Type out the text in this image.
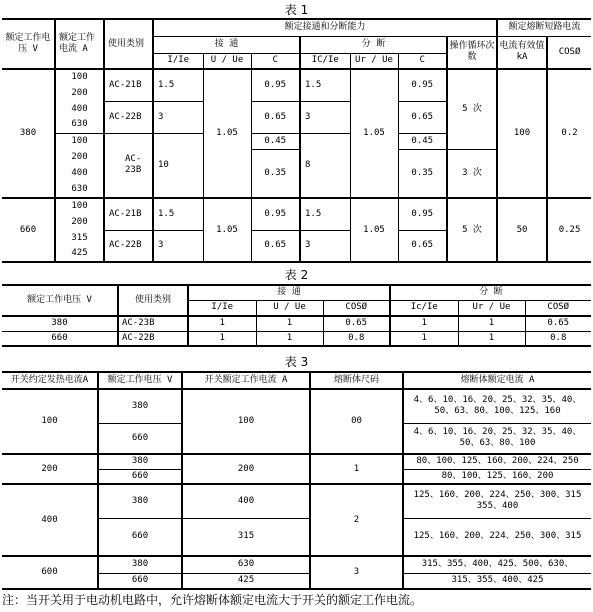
表 1
额定工作电压 V	额定工作电流 A	使用类别	额定接通和分断能力							额定熔断短路电流	
			接 通			分 断			操作循环次数	电流有效值 kA	COSØ
			I/Ie	U / Ue	C	IC/Ie	Ur / Ue	C			
380	100	AC-21B	1.5	1.05	0.95	1.5	1.05	0.95	5 次	100	0.2
	200										
	400	AC-22B	3		0.65	3		0.65			
	630										
	100	AC-23B	10		0.45	8		0.45			
	200				0.35			0.35	3 次		
	400										
	630										

660	100	AC-21B	1.5	1.05	0.95	1.5	1.05	0.95	5 次	50	0.25
	200										
	315	AC-22B	3		0.65	3		0.65			
	425										
表 2
额定工作电压 V	使用类别	接 通			分 断		
		I/Ie	U / Ue	COSØ	Ic/Ie	Ur / Ue	COSØ
380	AC-23B	1	1	0.65	1	1	0.65
660	AC-22B	1	1	0.8	1	1	0.8
表 3
开关约定发热电流A	额定工作电压 V	开关额定工作电流 A	熔断体尺码	熔断体额定电流 A
100	380	100	00	4、6、10、16、20、25、32、35、40、
50、63、80、100、125、160

	660			4、6、10、16、20、25、32、35、40、
50、63、80、100

200	380	200	1	80、100、125、160、200、224、250
	660			80、100、125、160、200
400	380	400	2	125、160、200、224、250、300、315
355、400

	660	315		125、160、200、224、250、300、315
600	380	630	3	315、355、400、425、500、630、
	660	425		315、355、400、425
注：当开关用于电动机电路中，允许熔断体额定电流大于开关的额定工作电流。
